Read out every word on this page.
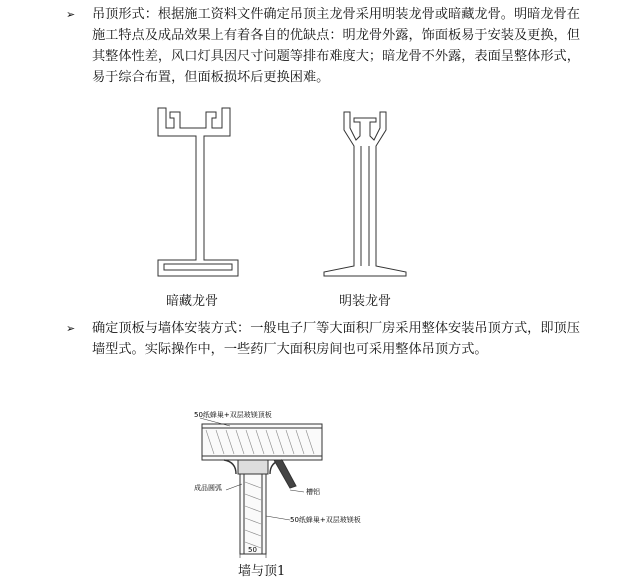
➢ 吊顶形式：根据施工资料文件确定吊顶主龙骨采用明装龙骨或暗藏龙骨。明暗龙骨在施工特点及成品效果上有着各自的优缺点：明龙骨外露，饰面板易于安装及更换，但其整体性差，风口灯具因尺寸问题等排布难度大；暗龙骨不外露，表面呈整体形式，易于综合布置，但面板损坏后更换困难。
暗藏龙骨	明装龙骨
➢ 确定顶板与墙体安装方式：一般电子厂等大面积厂房采用整体安装吊顶方式，即顶压墙型式。实际操作中，一些药厂大面积房间也可采用整体吊顶方式。
50纸蜂巢+双层玻镁顶板
成品圆弧	槽铝
50纸蜂巢+双层玻镁板
50
墙与顶1
